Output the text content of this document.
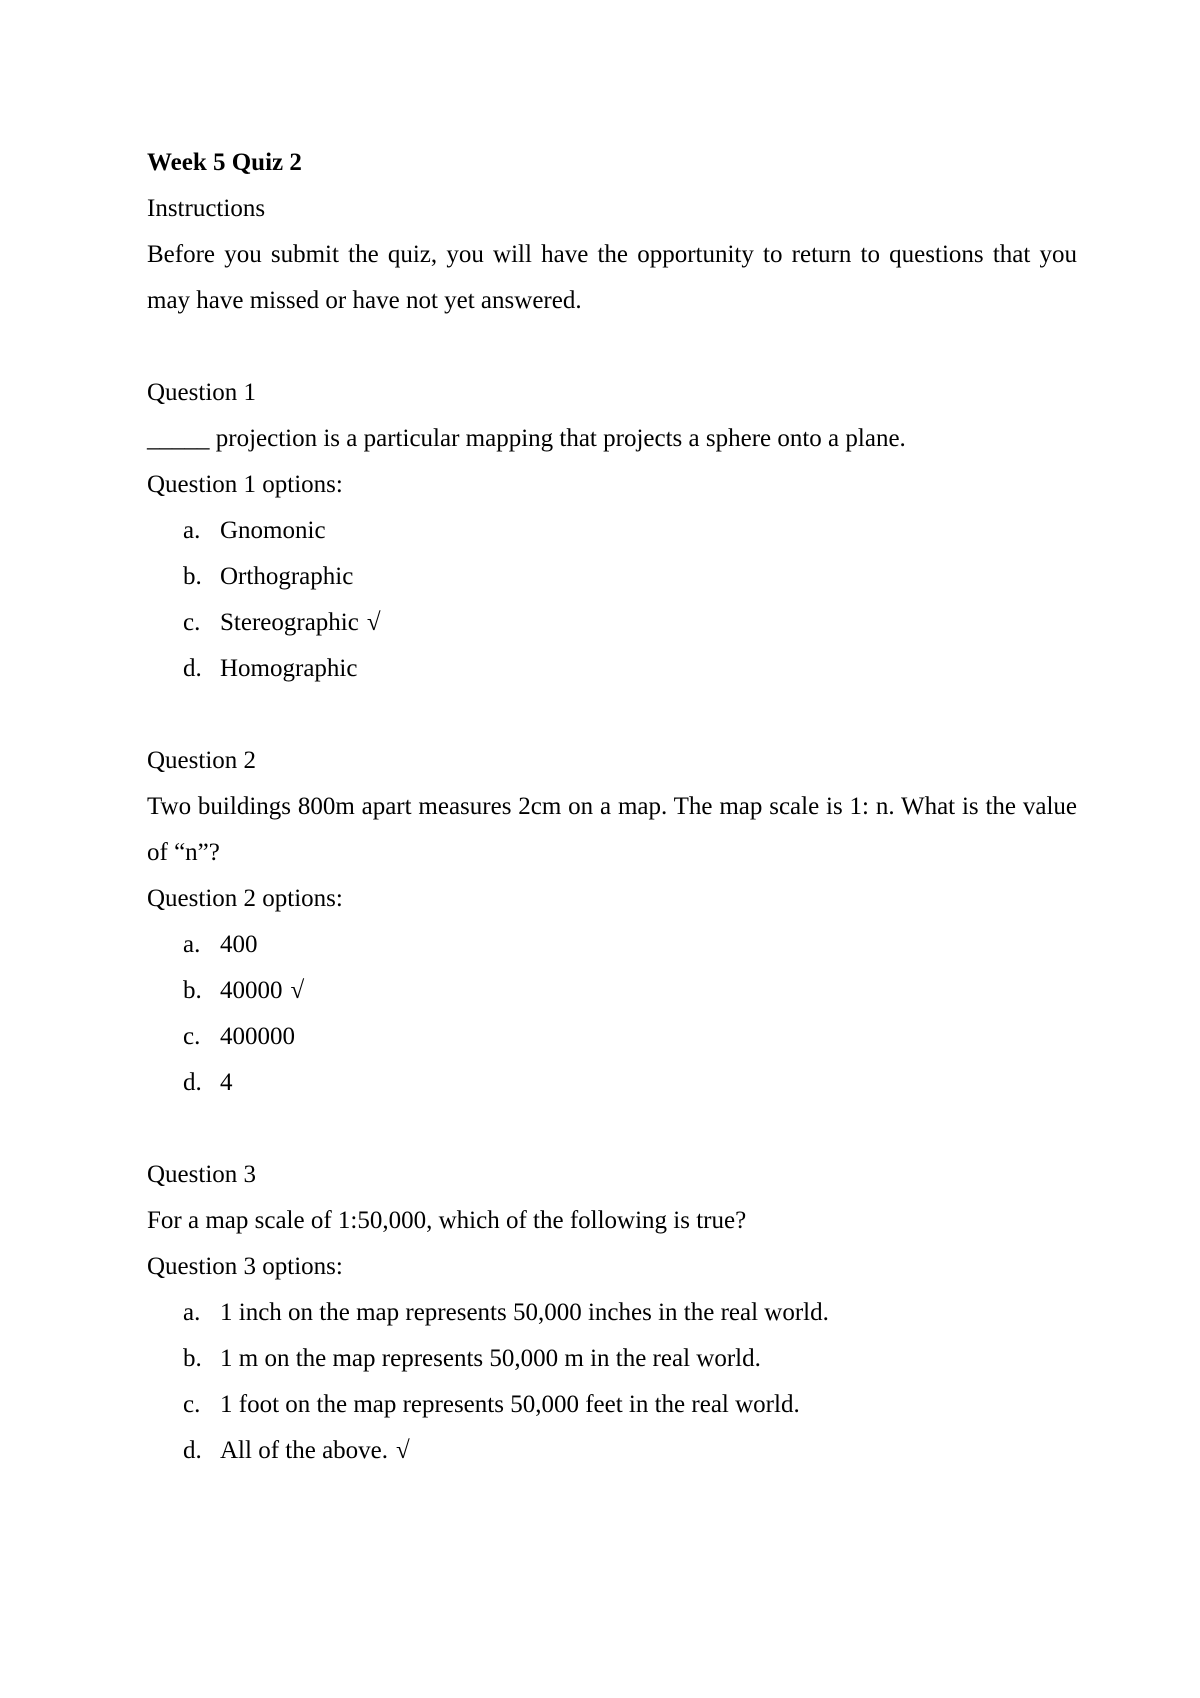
Week 5 Quiz 2

Instructions

Before you submit the quiz, you will have the opportunity to return to questions that you may have missed or have not yet answered.

Question 1

_____ projection is a particular mapping that projects a sphere onto a plane.

Question 1 options:

a. Gnomonic
b. Orthographic
c. Stereographic √
d. Homographic

Question 2

Two buildings 800m apart measures 2cm on a map. The map scale is 1: n. What is the value of “n”?

Question 2 options:

a. 400
b. 40000 √
c. 400000
d. 4

Question 3

For a map scale of 1:50,000, which of the following is true?

Question 3 options:

a. 1 inch on the map represents 50,000 inches in the real world.
b. 1 m on the map represents 50,000 m in the real world.
c. 1 foot on the map represents 50,000 feet in the real world.
d. All of the above. √
